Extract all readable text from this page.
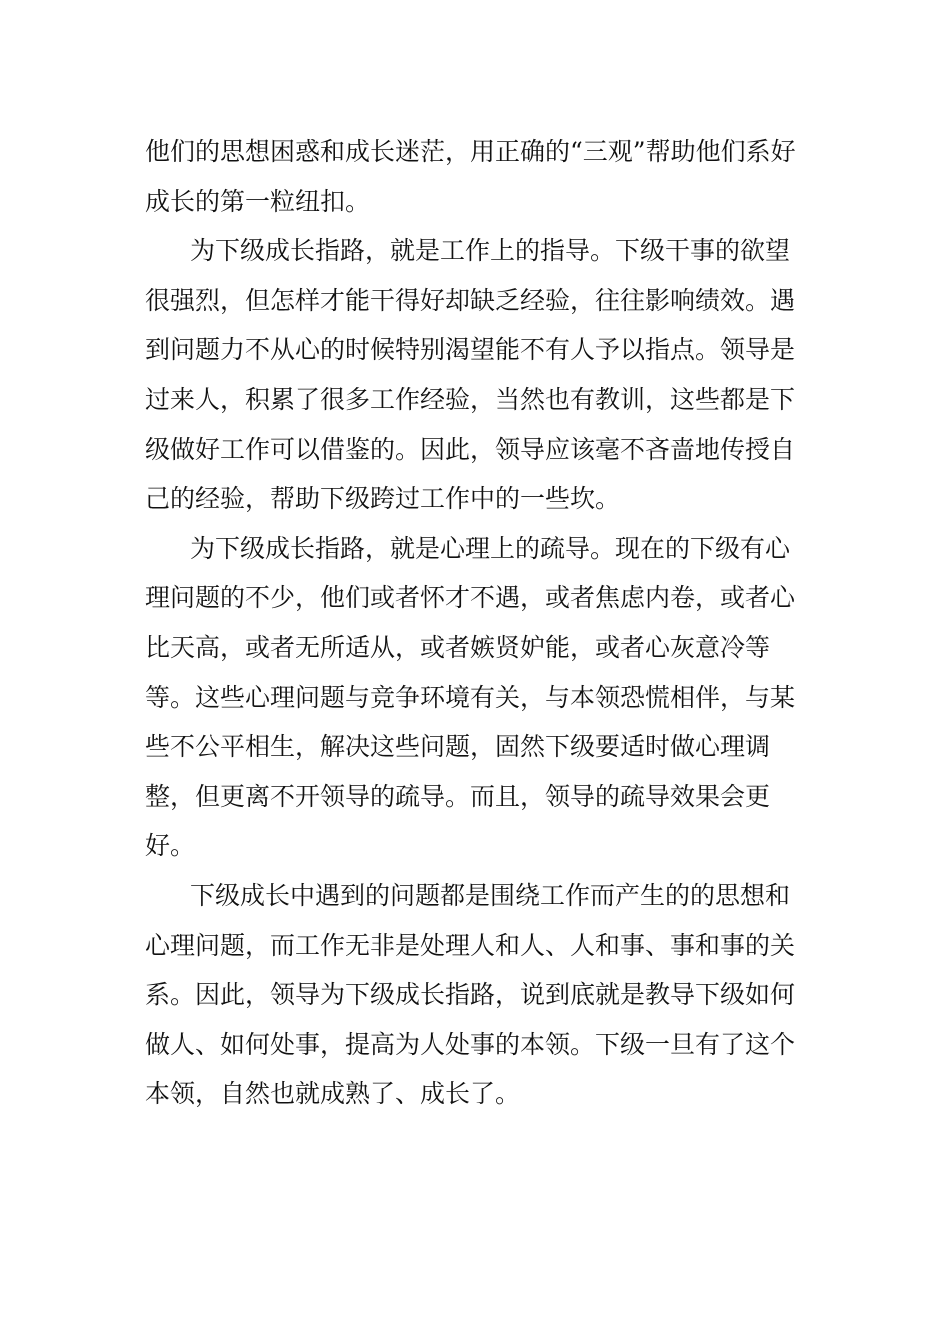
他们的思想困惑和成长迷茫，用正确的“三观”帮助他们系好成长的第一粒纽扣。

为下级成长指路，就是工作上的指导。下级干事的欲望很强烈，但怎样才能干得好却缺乏经验，往往影响绩效。遇到问题力不从心的时候特别渴望能不有人予以指点。领导是过来人，积累了很多工作经验，当然也有教训，这些都是下级做好工作可以借鉴的。因此，领导应该毫不吝啬地传授自己的经验，帮助下级跨过工作中的一些坎。

为下级成长指路，就是心理上的疏导。现在的下级有心理问题的不少，他们或者怀才不遇，或者焦虑内卷，或者心比天高，或者无所适从，或者嫉贤妒能，或者心灰意冷等等。这些心理问题与竞争环境有关，与本领恐慌相伴，与某些不公平相生，解决这些问题，固然下级要适时做心理调整，但更离不开领导的疏导。而且，领导的疏导效果会更好。

下级成长中遇到的问题都是围绕工作而产生的的思想和心理问题，而工作无非是处理人和人、人和事、事和事的关系。因此，领导为下级成长指路，说到底就是教导下级如何做人、如何处事，提高为人处事的本领。下级一旦有了这个本领，自然也就成熟了、成长了。
